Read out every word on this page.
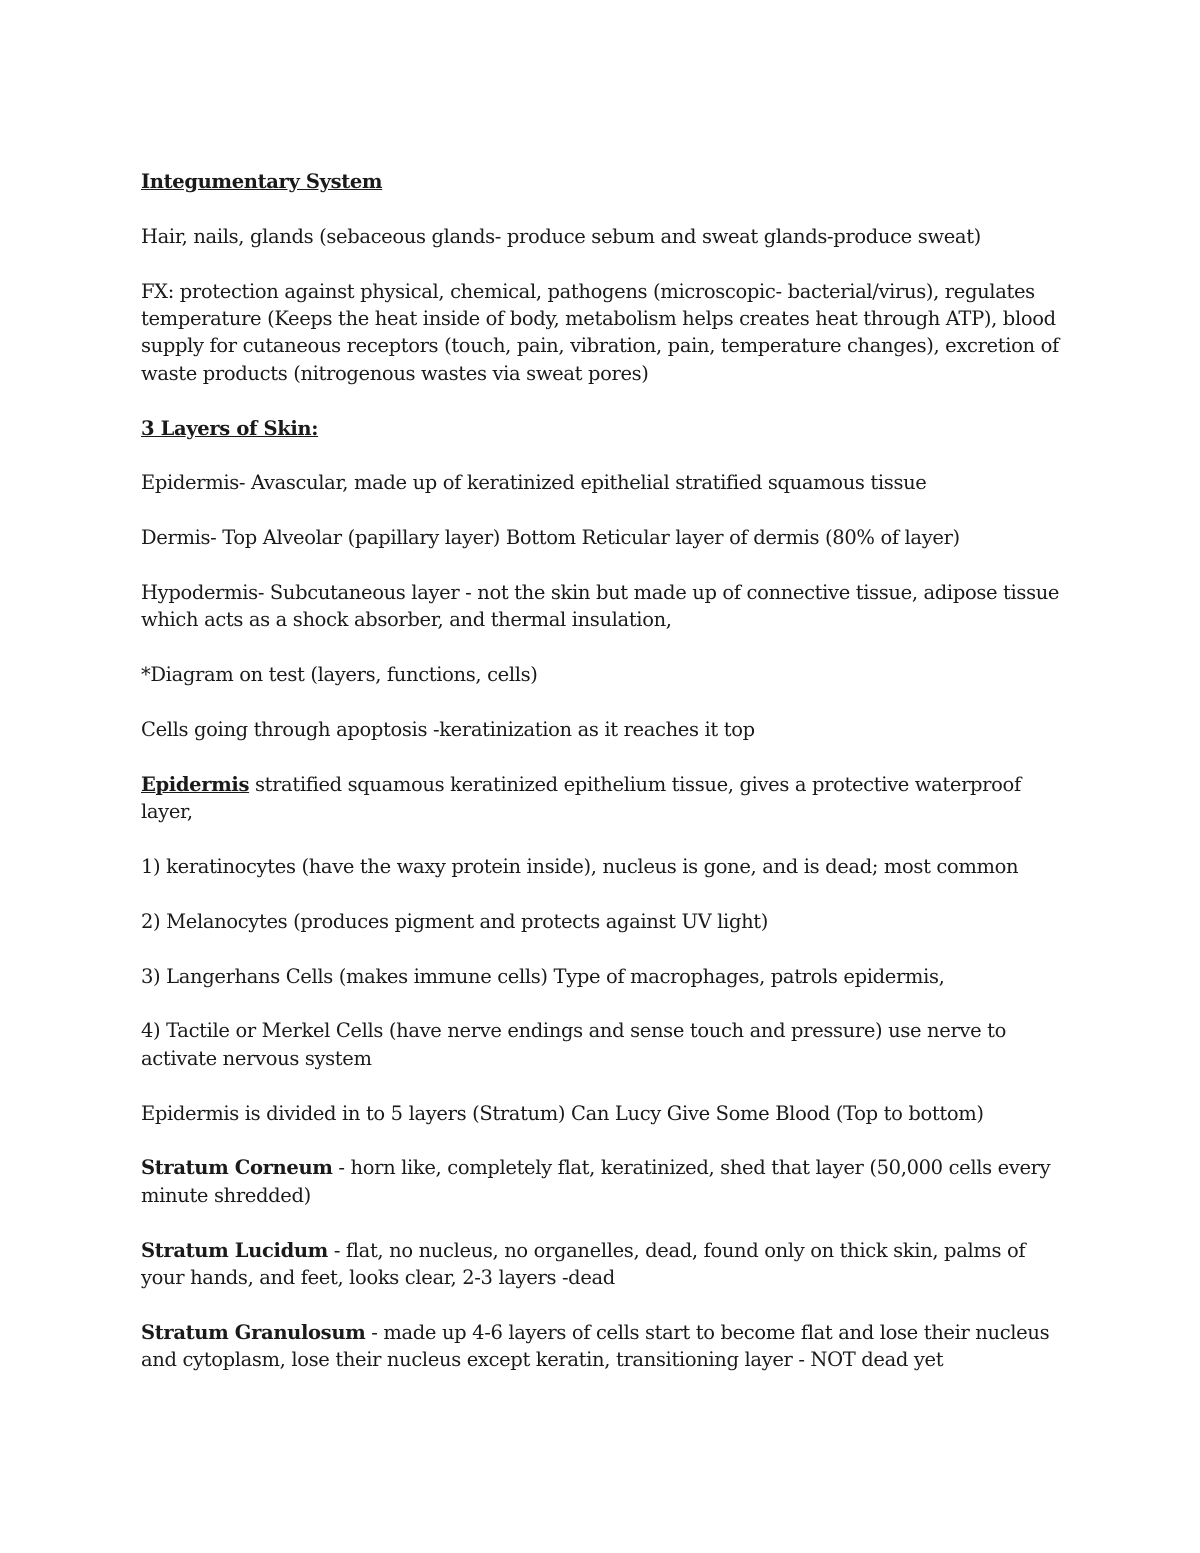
Integumentary System

Hair, nails, glands (sebaceous glands- produce sebum and sweat glands-produce sweat)

FX: protection against physical, chemical, pathogens (microscopic- bacterial/virus), regulates temperature (Keeps the heat inside of body, metabolism helps creates heat through ATP), blood supply for cutaneous receptors (touch, pain, vibration, pain, temperature changes), excretion of waste products (nitrogenous wastes via sweat pores)

3 Layers of Skin:

Epidermis- Avascular, made up of keratinized epithelial stratified squamous tissue

Dermis- Top Alveolar (papillary layer) Bottom Reticular layer of dermis (80% of layer)

Hypodermis- Subcutaneous layer - not the skin but made up of connective tissue, adipose tissue which acts as a shock absorber, and thermal insulation,

*Diagram on test (layers, functions, cells)

Cells going through apoptosis -keratinization as it reaches it top

Epidermis stratified squamous keratinized epithelium tissue, gives a protective waterproof layer,

1) keratinocytes (have the waxy protein inside), nucleus is gone, and is dead; most common

2) Melanocytes (produces pigment and protects against UV light)

3) Langerhans Cells (makes immune cells) Type of macrophages, patrols epidermis,

4) Tactile or Merkel Cells (have nerve endings and sense touch and pressure) use nerve to activate nervous system

Epidermis is divided in to 5 layers (Stratum) Can Lucy Give Some Blood (Top to bottom)

Stratum Corneum - horn like, completely flat, keratinized, shed that layer (50,000 cells every minute shredded)

Stratum Lucidum - flat, no nucleus, no organelles, dead, found only on thick skin, palms of your hands, and feet, looks clear, 2-3 layers -dead

Stratum Granulosum - made up 4-6 layers of cells start to become flat and lose their nucleus and cytoplasm, lose their nucleus except keratin, transitioning layer - NOT dead yet
